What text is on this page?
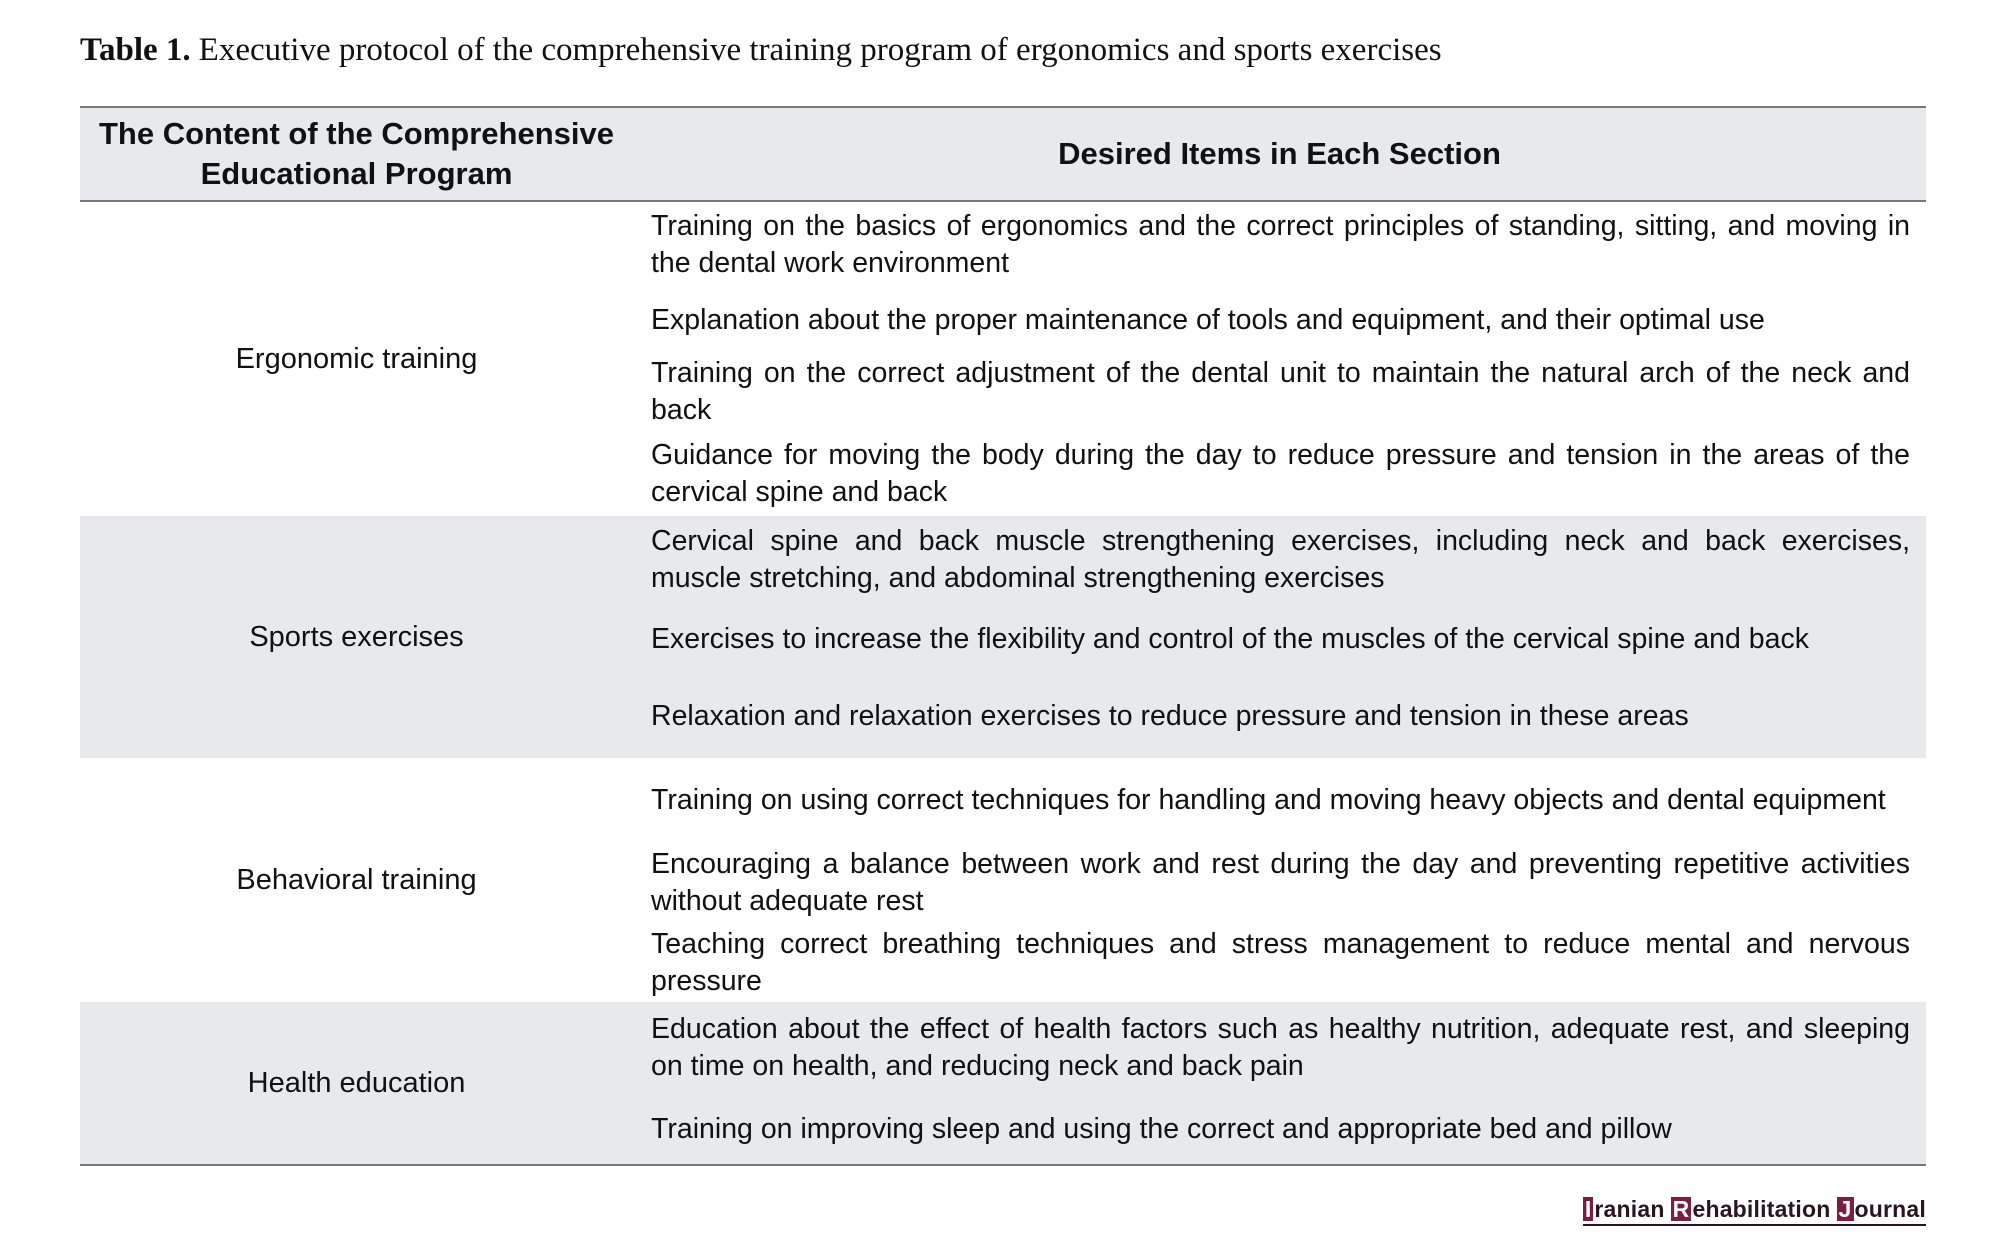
Table 1. Executive protocol of the comprehensive training program of ergonomics and sports exercises
The Content of the Comprehensive Educational Program	Desired Items in Each Section
Ergonomic training	Training on the basics of ergonomics and the correct principles of standing, sitting, and moving in the dental work environment
Explanation about the proper maintenance of tools and equipment, and their optimal use
Training on the correct adjustment of the dental unit to maintain the natural arch of the neck and back
Guidance for moving the body during the day to reduce pressure and tension in the areas of the cervical spine and back

Sports exercises	Cervical spine and back muscle strengthening exercises, including neck and back exercises, muscle stretching, and abdominal strengthening exercises
Exercises to increase the flexibility and control of the muscles of the cervical spine and back
Relaxation and relaxation exercises to reduce pressure and tension in these areas

Behavioral training	Training on using correct techniques for handling and moving heavy objects and dental equipment
Encouraging a balance between work and rest during the day and preventing repetitive activities without adequate rest
Teaching correct breathing techniques and stress management to reduce mental and nervous pressure

Health education	Education about the effect of health factors such as healthy nutrition, adequate rest, and sleeping on time on health, and reducing neck and back pain
Training on improving sleep and using the correct and appropriate bed and pillow
I ranian R ehabilitation J ournal
